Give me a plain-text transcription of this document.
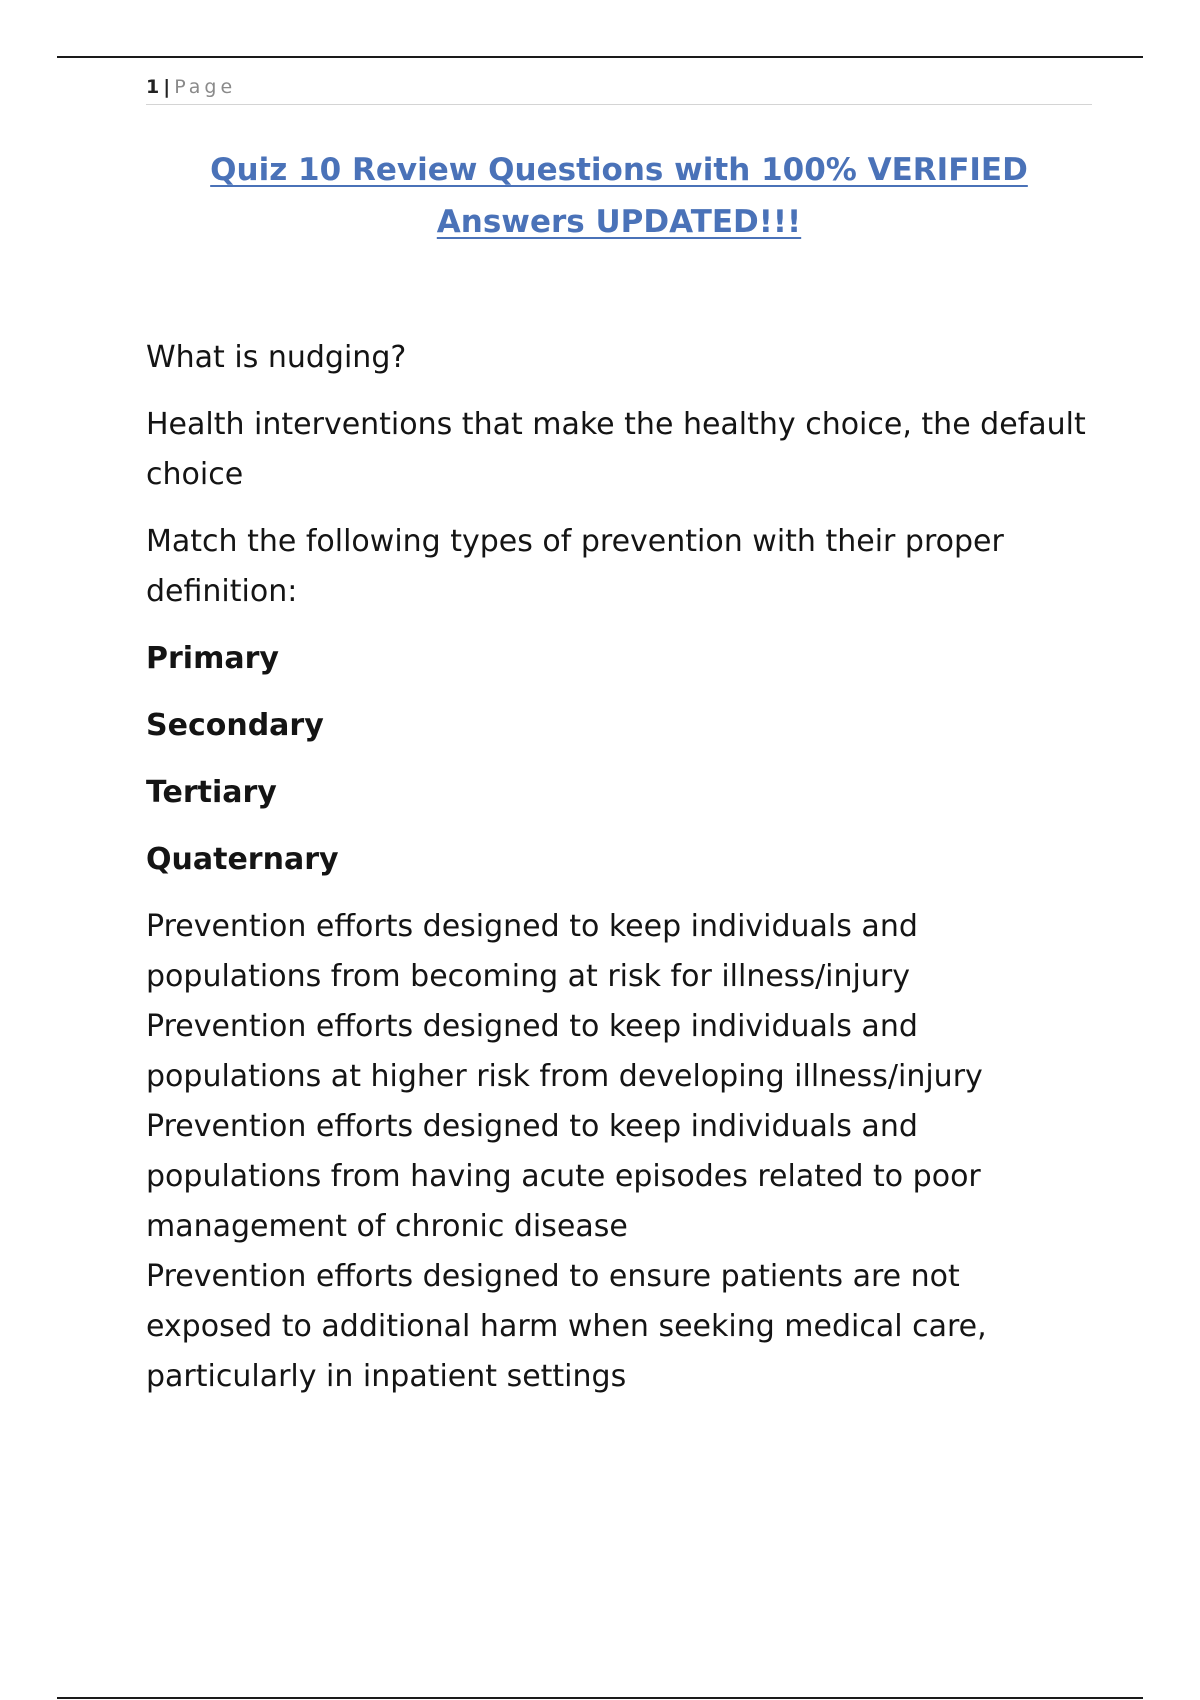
1 | Page
Quiz 10 Review Questions with 100% VERIFIED
Answers UPDATED!!!

What is nudging?

Health interventions that make the healthy choice, the default choice

Match the following types of prevention with their proper definition:

Primary

Secondary

Tertiary

Quaternary

Prevention efforts designed to keep individuals and populations from becoming at risk for illness/injury

Prevention efforts designed to keep individuals and populations at higher risk from developing illness/injury

Prevention efforts designed to keep individuals and populations from having acute episodes related to poor management of chronic disease

Prevention efforts designed to ensure patients are not exposed to additional harm when seeking medical care, particularly in inpatient settings
